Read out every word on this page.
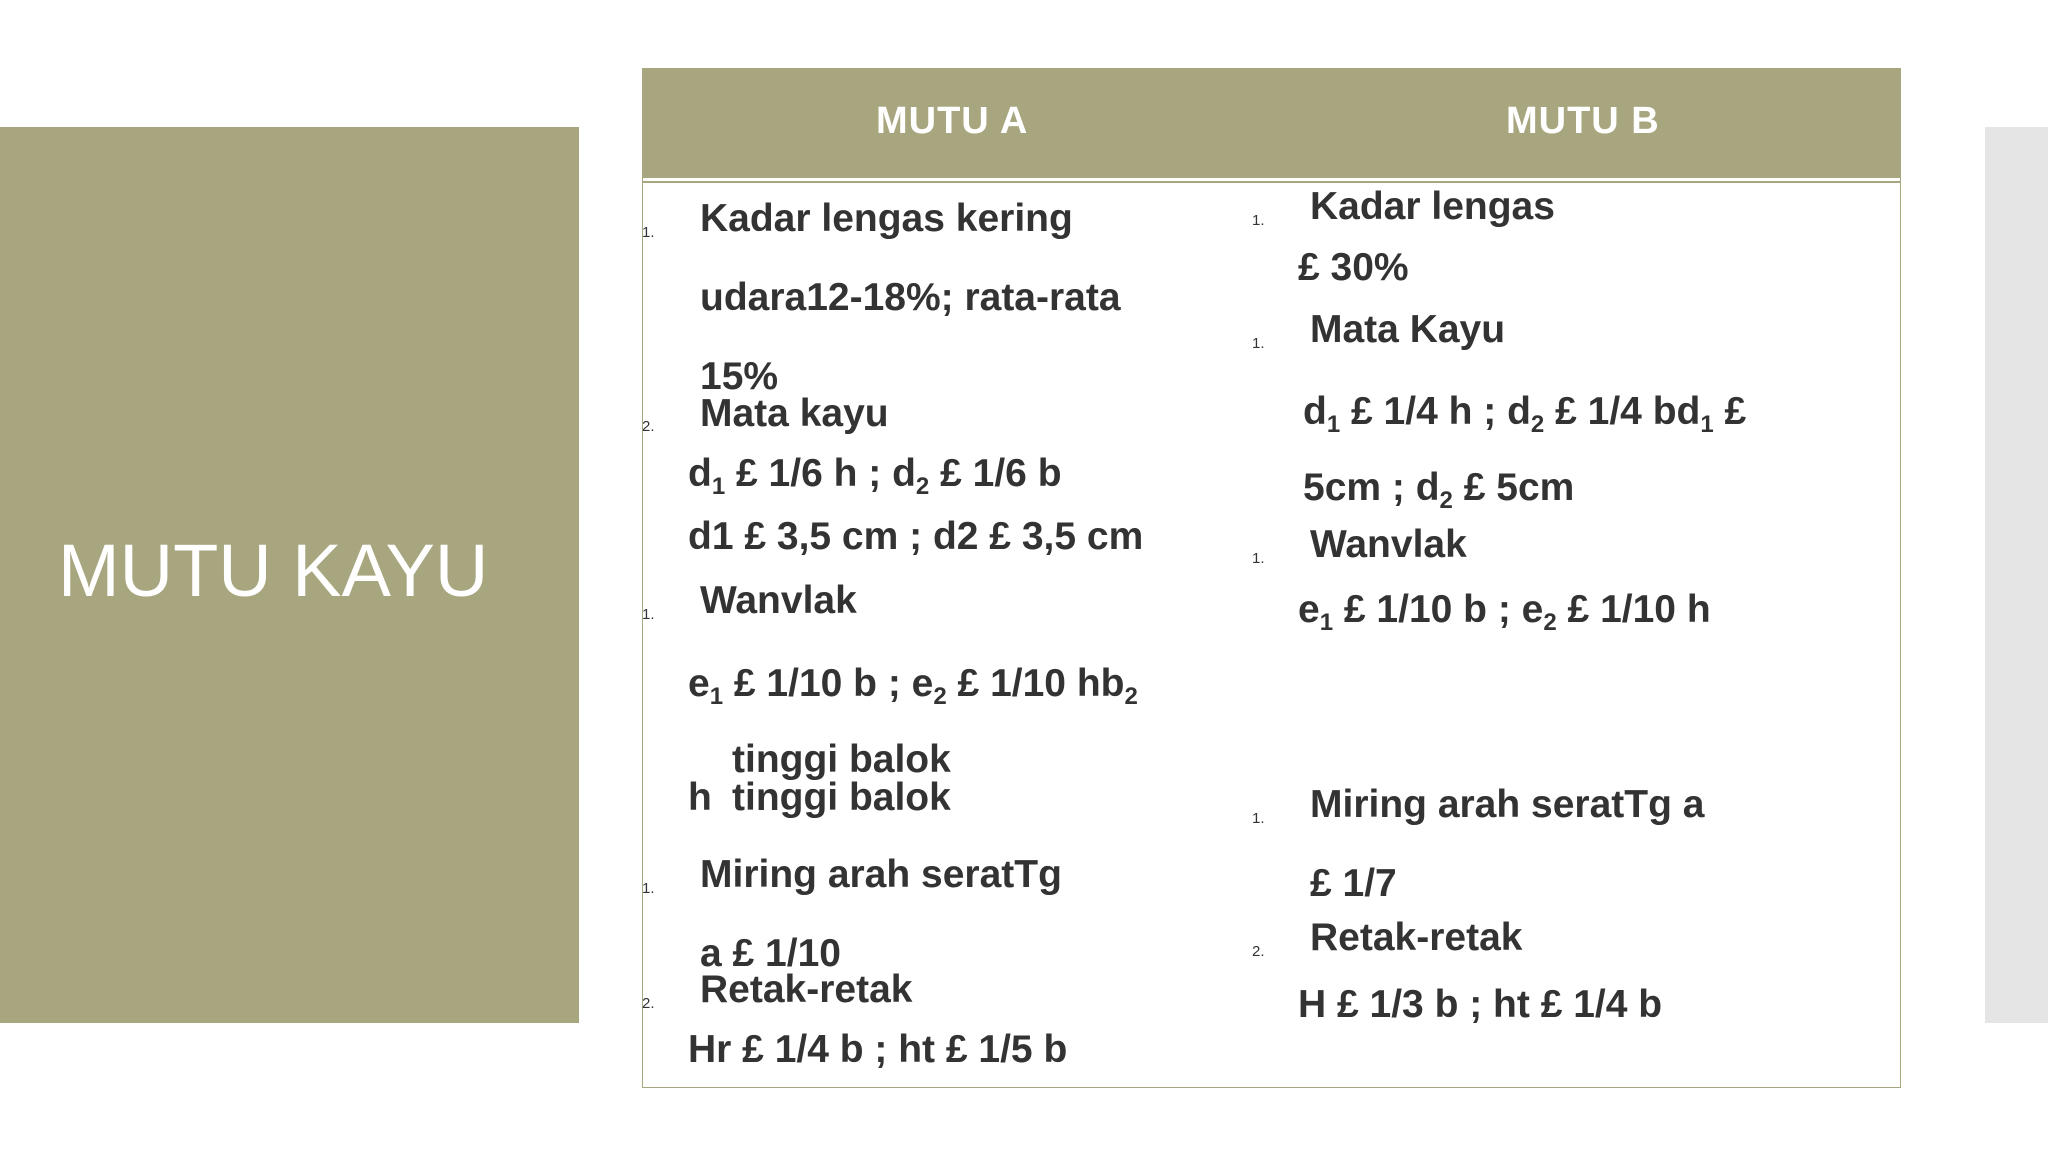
MUTU KAYU
MUTU A	MUTU B
1. Kadar lengas kering
udara12-18%; rata-rata
15%
2. Mata kayu
$d_1$ £ 1/6 h ; $d_2$ £ 1/6 b
d1 £ 3,5 cm ; d2 £ 3,5 cm
1. Wanvlak
$e_1$ £ 1/10 b ; $e_2$ £ 1/10 $hb_2$
tinggi balok
h tinggi balok
1. Miring arah seratTg
a £ 1/10
2. Retak-retak
Hr £ 1/4 b ; ht £ 1/5 b
1. Kadar lengas
£ 30%
1. Mata Kayu
$d_1$ £ 1/4 h ; $d_2$ £ 1/4 $bd_1$ £
5cm ; $d_2$ £ 5cm
1. Wanvlak
$e_1$ £ 1/10 b ; $e_2$ £ 1/10 h
1. Miring arah seratTg a
£ 1/7
2. Retak-retak
H £ 1/3 b ; ht £ 1/4 b
